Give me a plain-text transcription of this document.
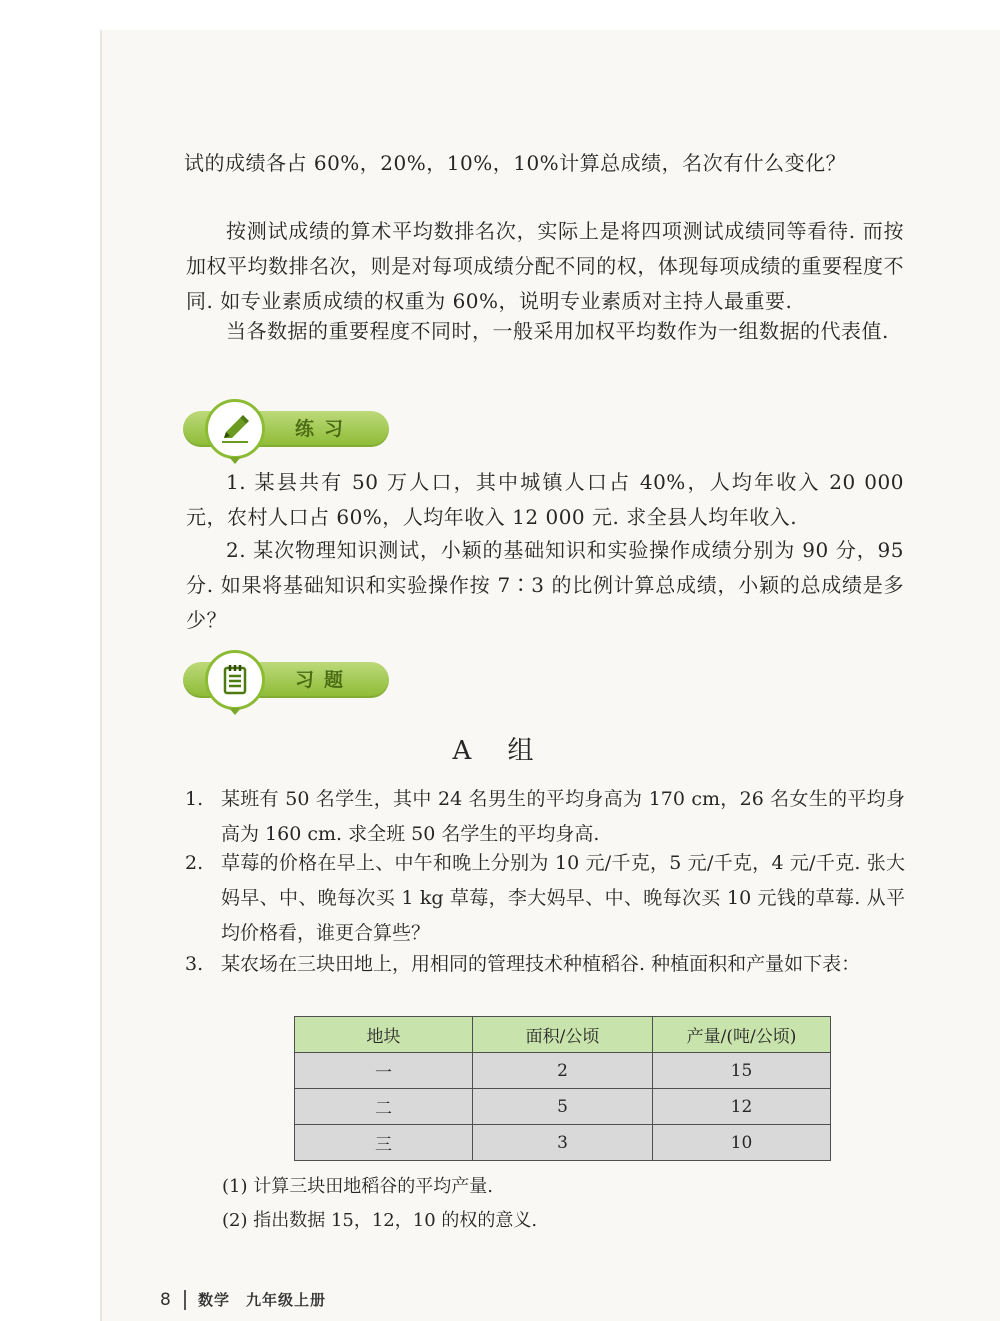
试的成绩各占 60%，20%，10%，10%计算总成绩，名次有什么变化？

按测试成绩的算术平均数排名次，实际上是将四项测试成绩同等看待. 而按加权平均数排名次，则是对每项成绩分配不同的权，体现每项成绩的重要程度不同. 如专业素质成绩的权重为 60%，说明专业素质对主持人最重要.

当各数据的重要程度不同时，一般采用加权平均数作为一组数据的代表值.

练习

1. 某县共有 50 万人口，其中城镇人口占 40%，人均年收入 20 000 元，农村人口占 60%，人均年收入 12 000 元. 求全县人均年收入.

2. 某次物理知识测试，小颖的基础知识和实验操作成绩分别为 90 分，95 分. 如果将基础知识和实验操作按 7∶3 的比例计算总成绩，小颖的总成绩是多少？

习题
A 组
1. 某班有 50 名学生，其中 24 名男生的平均身高为 170 cm，26 名女生的平均身高为 160 cm. 求全班 50 名学生的平均身高.

2. 草莓的价格在早上、中午和晚上分别为 10 元/千克，5 元/千克，4 元/千克. 张大妈早、中、晚每次买 1 kg 草莓，李大妈早、中、晚每次买 10 元钱的草莓. 从平均价格看，谁更合算些？

3. 某农场在三块田地上，用相同的管理技术种植稻谷. 种植面积和产量如下表：

地块	面积/公顷	产量/(吨/公顷)
一	2	15
二	5	12
三	3	10
(1) 计算三块田地稻谷的平均产量.
(2) 指出数据 15，12，10 的权的意义.
8 数学　九年级上册
